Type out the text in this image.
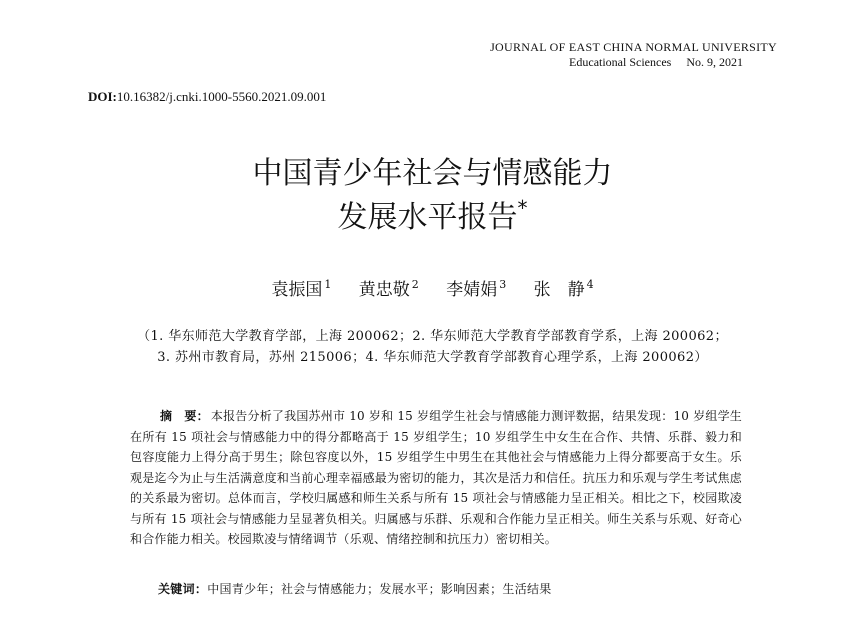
JOURNAL OF EAST CHINA NORMAL UNIVERSITY
Educational Sciences No. 9, 2021
DOI:10.16382/j.cnki.1000-5560.2021.09.001
中国青少年社会与情感能力
发展水平报告*
袁振国 $^1$ 黄忠敬 $^2$ 李婧娟 $^3$ 张　静 $^4$
（1. 华东师范大学教育学部，上海 200062；2. 华东师范大学教育学部教育学系，上海 200062；
3. 苏州市教育局，苏州 215006；4. 华东师范大学教育学部教育心理学系，上海 200062）
摘　要： 本报告分析了我国苏州市 10 岁和 15 岁组学生社会与情感能力测评数据，结果发现：10 岁组学生在所有 15 项社会与情感能力中的得分都略高于 15 岁组学生；10 岁组学生中女生在合作、共情、乐群、毅力和包容度能力上得分高于男生；除包容度以外，15 岁组学生中男生在其他社会与情感能力上得分都要高于女生。乐观是迄今为止与生活满意度和当前心理幸福感最为密切的能力，其次是活力和信任。抗压力和乐观与学生考试焦虑的关系最为密切。总体而言，学校归属感和师生关系与所有 15 项社会与情感能力呈正相关。相比之下，校园欺凌与所有 15 项社会与情感能力呈显著负相关。归属感与乐群、乐观和合作能力呈正相关。师生关系与乐观、好奇心和合作能力相关。校园欺凌与情绪调节（乐观、情绪控制和抗压力）密切相关。
关键词：中国青少年；社会与情感能力；发展水平；影响因素；生活结果
